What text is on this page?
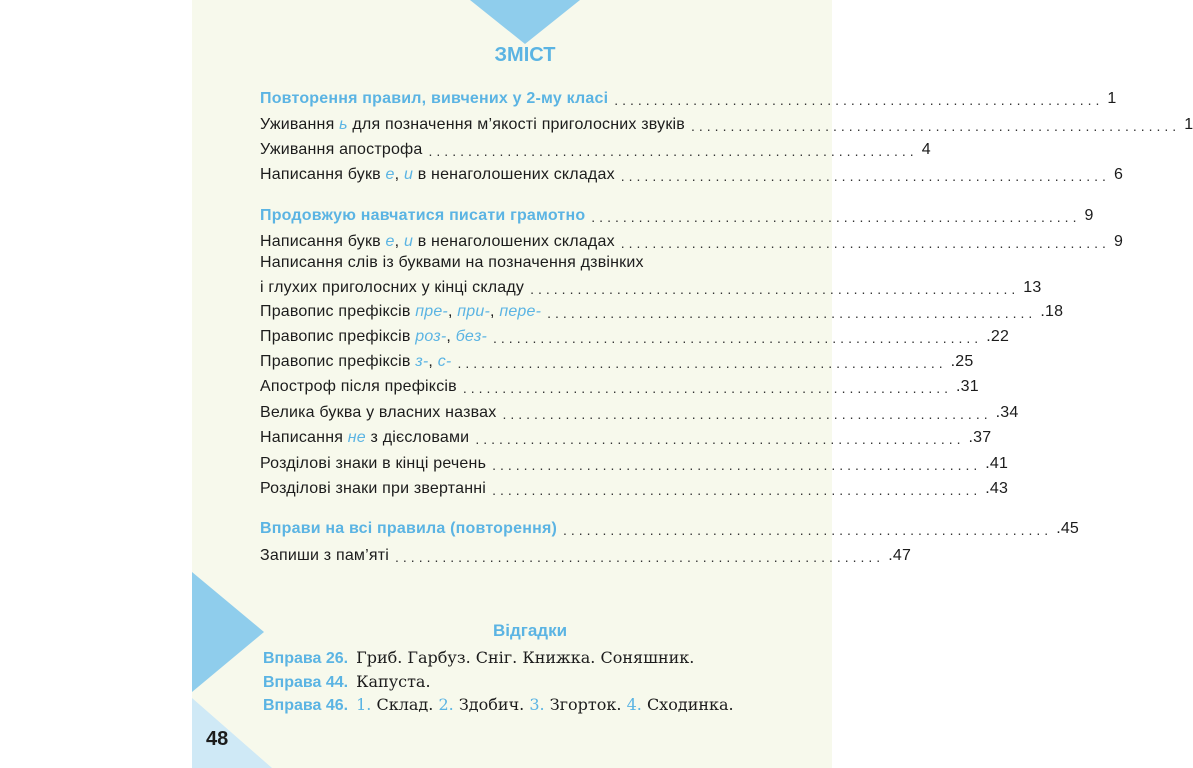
ЗМІСТ
Повторення правил, вивчених у 2-му класі .............................................................. 1
Уживання ь для позначення м’якості приголосних звуків .............................................................. 1
Уживання апострофа .............................................................. 4
Написання букв е, и в ненаголошених складах .............................................................. 6
Продовжую навчатися писати грамотно .............................................................. 9
Написання букв е, и в ненаголошених складах .............................................................. 9
Написання слів із буквами на позначення дзвінких
і глухих приголосних у кінці складу .............................................................. 13
Правопис префіксів пре-, при-, пере- .............................................................. .18
Правопис префіксів роз-, без- .............................................................. .22
Правопис префіксів з-, с- .............................................................. .25
Апостроф після префіксів .............................................................. .31
Велика буква у власних назвах .............................................................. .34
Написання не з дієсловами .............................................................. .37
Розділові знаки в кінці речень .............................................................. .41
Розділові знаки при звертанні .............................................................. .43
Вправи на всі правила (повторення) .............................................................. .45
Запиши з пам’яті .............................................................. .47
Відгадки
Вправа 26. Гриб. Гарбуз. Сніг. Книжка. Соняшник.
Вправа 44. Капуста.
Вправа 46. 1. Склад. 2. Здобич. 3. Згорток. 4. Сходинка.
48
